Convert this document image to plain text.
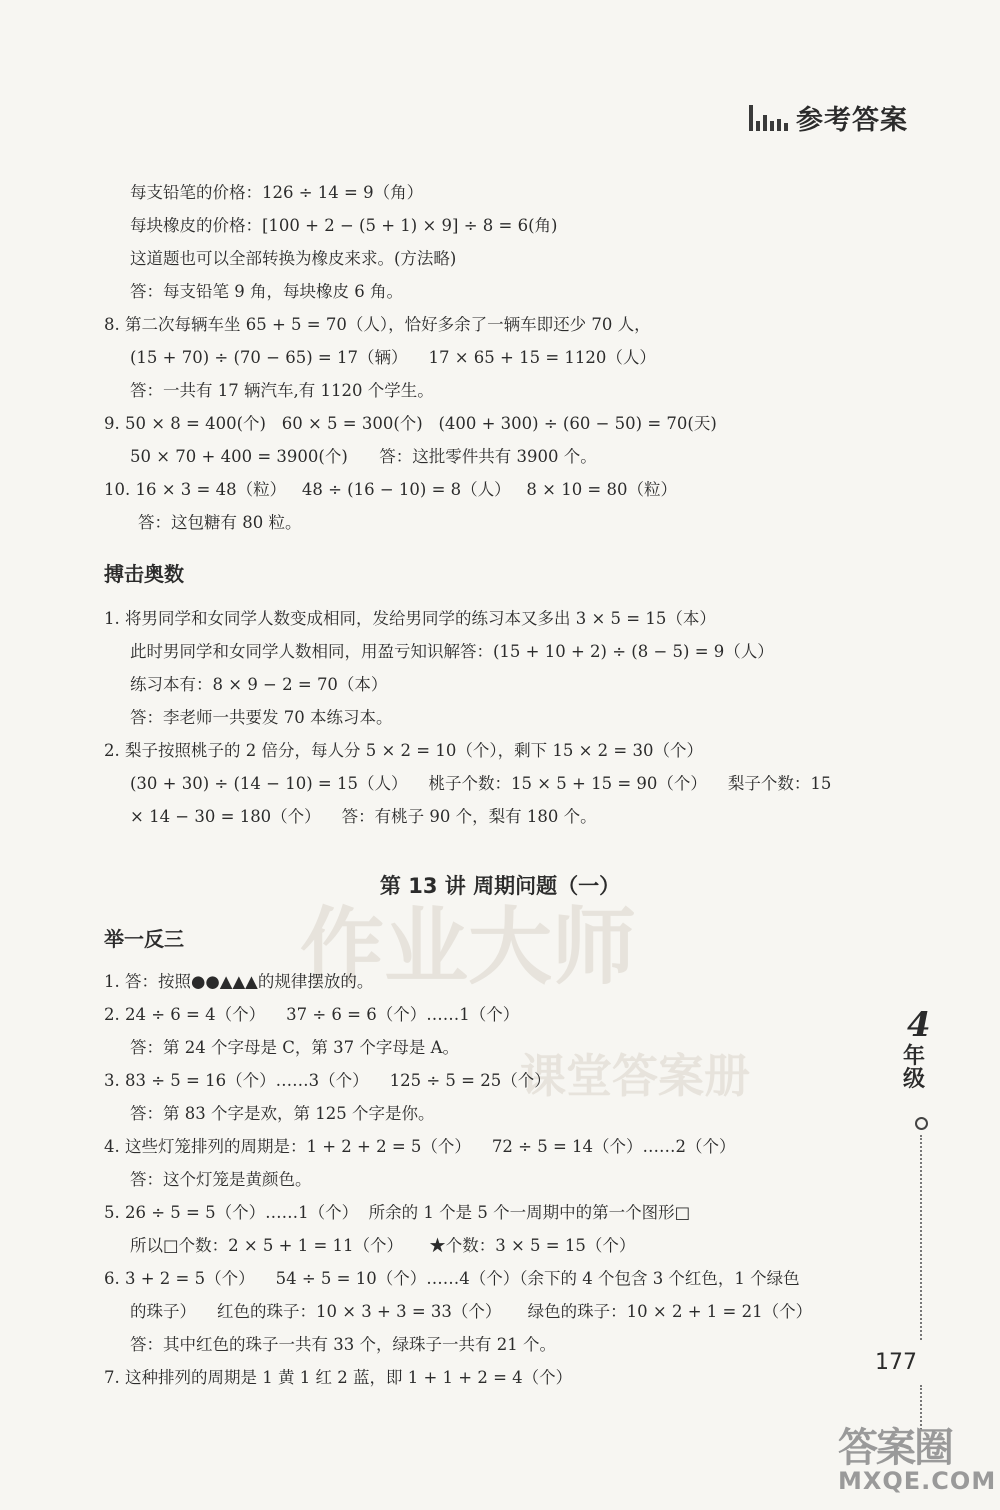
作业大师
课堂答案册
参考答案
每支铅笔的价格：126 ÷ 14 = 9（角）
每块橡皮的价格：[100 + 2 − (5 + 1) × 9] ÷ 8 = 6(角)
这道题也可以全部转换为橡皮来求。(方法略)
答：每支铅笔 9 角，每块橡皮 6 角。
8. 第二次每辆车坐 65 + 5 = 70（人），恰好多余了一辆车即还少 70 人，
(15 + 70) ÷ (70 − 65) = 17（辆）    17 × 65 + 15 = 1120（人）
答：一共有 17 辆汽车,有 1120 个学生。
9. 50 × 8 = 400(个)   60 × 5 = 300(个)   (400 + 300) ÷ (60 − 50) = 70(天)
50 × 70 + 400 = 3900(个)      答：这批零件共有 3900 个。
10. 16 × 3 = 48（粒）   48 ÷ (16 − 10) = 8（人）   8 × 10 = 80（粒）
答：这包糖有 80 粒。
搏击奥数
1. 将男同学和女同学人数变成相同，发给男同学的练习本又多出 3 × 5 = 15（本）
此时男同学和女同学人数相同，用盈亏知识解答：(15 + 10 + 2) ÷ (8 − 5) = 9（人）
练习本有：8 × 9 − 2 = 70（本）
答：李老师一共要发 70 本练习本。
2. 梨子按照桃子的 2 倍分，每人分 5 × 2 = 10（个），剩下 15 × 2 = 30（个）
(30 + 30) ÷ (14 − 10) = 15（人）    桃子个数：15 × 5 + 15 = 90（个）    梨子个数：15
× 14 − 30 = 180（个）    答：有桃子 90 个，梨有 180 个。
第 13 讲 周期问题（一）
举一反三
1. 答：按照●●▲▲▲的规律摆放的。
2. 24 ÷ 6 = 4（个）    37 ÷ 6 = 6（个）……1（个）
答：第 24 个字母是 C，第 37 个字母是 A。
3. 83 ÷ 5 = 16（个）……3（个）    125 ÷ 5 = 25（个）
答：第 83 个字是欢，第 125 个字是你。
4. 这些灯笼排列的周期是：1 + 2 + 2 = 5（个）    72 ÷ 5 = 14（个）……2（个）
答：这个灯笼是黄颜色。
5. 26 ÷ 5 = 5（个）……1（个）  所余的 1 个是 5 个一周期中的第一个图形□
所以□个数：2 × 5 + 1 = 11（个）     ★个数：3 × 5 = 15（个）
6. 3 + 2 = 5（个）    54 ÷ 5 = 10（个）……4（个）（余下的 4 个包含 3 个红色，1 个绿色
的珠子）    红色的珠子：10 × 3 + 3 = 33（个）     绿色的珠子：10 × 2 + 1 = 21（个）
答：其中红色的珠子一共有 33 个，绿珠子一共有 21 个。
7. 这种排列的周期是 1 黄 1 红 2 蓝，即 1 + 1 + 2 = 4（个）
4
年级
177
答案圈
MXQE.COM
